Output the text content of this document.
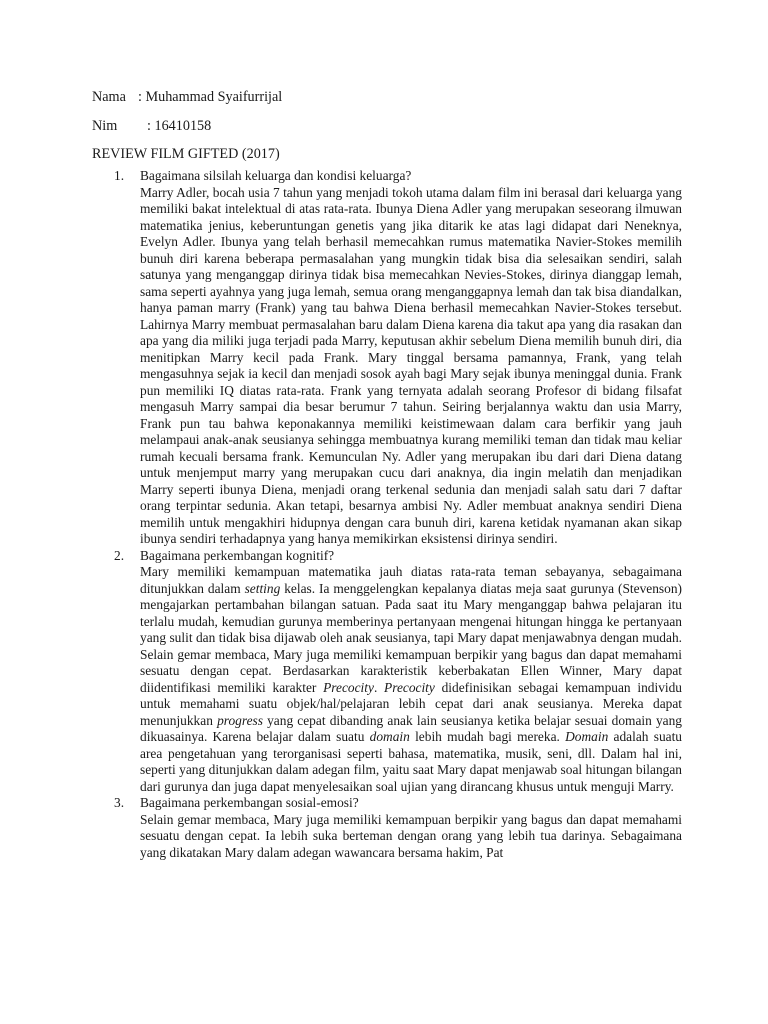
Nama : Muhammad Syaifurrijal
Nim : 16410158
REVIEW FILM GIFTED (2017)
1. Bagaimana silsilah keluarga dan kondisi keluarga?
Marry Adler, bocah usia 7 tahun yang menjadi tokoh utama dalam film ini berasal dari keluarga yang memiliki bakat intelektual di atas rata-rata. Ibunya Diena Adler yang merupakan seseorang ilmuwan matematika jenius, keberuntungan genetis yang jika ditarik ke atas lagi didapat dari Neneknya, Evelyn Adler. Ibunya yang telah berhasil memecahkan rumus matematika Navier-Stokes memilih bunuh diri karena beberapa permasalahan yang mungkin tidak bisa dia selesaikan sendiri, salah satunya yang menganggap dirinya tidak bisa memecahkan Nevies-Stokes, dirinya dianggap lemah, sama seperti ayahnya yang juga lemah, semua orang menganggapnya lemah dan tak bisa diandalkan, hanya paman marry (Frank) yang tau bahwa Diena berhasil memecahkan Navier-Stokes tersebut. Lahirnya Marry membuat permasalahan baru dalam Diena karena dia takut apa yang dia rasakan dan apa yang dia miliki juga terjadi pada Marry, keputusan akhir sebelum Diena memilih bunuh diri, dia menitipkan Marry kecil pada Frank. Mary tinggal bersama pamannya, Frank, yang telah mengasuhnya sejak ia kecil dan menjadi sosok ayah bagi Mary sejak ibunya meninggal dunia. Frank pun memiliki IQ diatas rata-rata. Frank yang ternyata adalah seorang Profesor di bidang filsafat mengasuh Marry sampai dia besar berumur 7 tahun. Seiring berjalannya waktu dan usia Marry, Frank pun tau bahwa keponakannya memiliki keistimewaan dalam cara berfikir yang jauh melampaui anak-anak seusianya sehingga membuatnya kurang memiliki teman dan tidak mau keliar rumah kecuali bersama frank. Kemunculan Ny. Adler yang merupakan ibu dari dari Diena datang untuk menjemput marry yang merupakan cucu dari anaknya, dia ingin melatih dan menjadikan Marry seperti ibunya Diena, menjadi orang terkenal sedunia dan menjadi salah satu dari 7 daftar orang terpintar sedunia. Akan tetapi, besarnya ambisi Ny. Adler membuat anaknya sendiri Diena memilih untuk mengakhiri hidupnya dengan cara bunuh diri, karena ketidak nyamanan akan sikap ibunya sendiri terhadapnya yang hanya memikirkan eksistensi dirinya sendiri.
2. Bagaimana perkembangan kognitif?
Mary memiliki kemampuan matematika jauh diatas rata-rata teman sebayanya, sebagaimana ditunjukkan dalam setting kelas. Ia menggelengkan kepalanya diatas meja saat gurunya (Stevenson) mengajarkan pertambahan bilangan satuan. Pada saat itu Mary menganggap bahwa pelajaran itu terlalu mudah, kemudian gurunya memberinya pertanyaan mengenai hitungan hingga ke pertanyaan yang sulit dan tidak bisa dijawab oleh anak seusianya, tapi Mary dapat menjawabnya dengan mudah. Selain gemar membaca, Mary juga memiliki kemampuan berpikir yang bagus dan dapat memahami sesuatu dengan cepat. Berdasarkan karakteristik keberbakatan Ellen Winner, Mary dapat diidentifikasi memiliki karakter Precocity. Precocity didefinisikan sebagai kemampuan individu untuk memahami suatu objek/hal/pelajaran lebih cepat dari anak seusianya. Mereka dapat menunjukkan progress yang cepat dibanding anak lain seusianya ketika belajar sesuai domain yang dikuasainya. Karena belajar dalam suatu domain lebih mudah bagi mereka. Domain adalah suatu area pengetahuan yang terorganisasi seperti bahasa, matematika, musik, seni, dll. Dalam hal ini, seperti yang ditunjukkan dalam adegan film, yaitu saat Mary dapat menjawab soal hitungan bilangan dari gurunya dan juga dapat menyelesaikan soal ujian yang dirancang khusus untuk menguji Marry.
3. Bagaimana perkembangan sosial-emosi?
Selain gemar membaca, Mary juga memiliki kemampuan berpikir yang bagus dan dapat memahami sesuatu dengan cepat. Ia lebih suka berteman dengan orang yang lebih tua darinya. Sebagaimana yang dikatakan Mary dalam adegan wawancara bersama hakim, Pat
